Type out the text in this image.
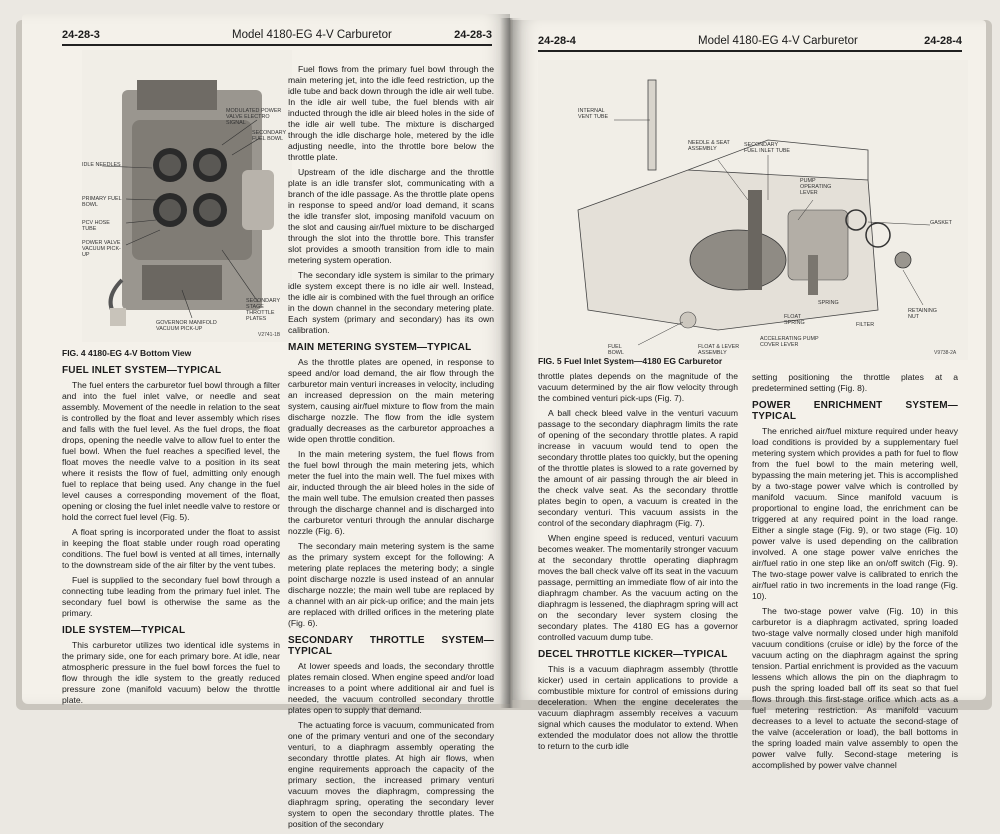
24-28-3	Model 4180-EG 4-V Carburetor	24-28-3
MODULATED POWER VALVE ELECTRO SIGNAL
SECONDARY FUEL BOWL
IDLE NEEDLES
PRIMARY FUEL BOWL
PCV HOSE TUBE
POWER VALVE VACUUM PICK-UP
SECONDARY STAGE THROTTLE PLATES
GOVERNOR MANIFOLD VACUUM PICK-UP
V2741-1B
FIG. 4 4180-EG 4-V Bottom View
FUEL INLET SYSTEM—TYPICAL

The fuel enters the carburetor fuel bowl through a filter and into the fuel inlet valve, or needle and seat assembly. Movement of the needle in relation to the seat is controlled by the float and lever assembly which rises and falls with the fuel level. As the fuel drops, the float drops, opening the needle valve to allow fuel to enter the fuel bowl. When the fuel reaches a specified level, the float moves the needle valve to a position in its seat where it resists the flow of fuel, admitting only enough fuel to replace that being used. Any change in the fuel level causes a corresponding movement of the float, opening or closing the fuel inlet needle valve to restore or hold the correct fuel level (Fig. 5).

A float spring is incorporated under the float to assist in keeping the float stable under rough road operating conditions. The fuel bowl is vented at all times, internally to the downstream side of the air filter by the vent tubes.

Fuel is supplied to the secondary fuel bowl through a connecting tube leading from the primary fuel inlet. The secondary fuel bowl is otherwise the same as the primary.

IDLE SYSTEM—TYPICAL

This carburetor utilizes two identical idle systems in the primary side, one for each primary bore. At idle, near atmospheric pressure in the fuel bowl forces the fuel to flow through the idle system to the greatly reduced pressure zone (manifold vacuum) below the throttle plate.

Fuel flows from the primary fuel bowl through the main metering jet, into the idle feed restriction, up the idle tube and back down through the idle air well tube. In the idle air well tube, the fuel blends with air inducted through the idle air bleed holes in the side of the idle air well tube. The mixture is discharged through the idle discharge hole, metered by the idle adjusting needle, into the throttle bore below the throttle plate.

Upstream of the idle discharge and the throttle plate is an idle transfer slot, communicating with a branch of the idle passage. As the throttle plate opens in response to speed and/or load demand, it scans the idle transfer slot, imposing manifold vacuum on the slot and causing air/fuel mixture to be discharged through the slot into the throttle bore. This transfer slot provides a smooth transition from idle to main metering system operation.

The secondary idle system is similar to the primary idle system except there is no idle air well. Instead, the idle air is combined with the fuel through an orifice in the down channel in the secondary metering plate. Each system (primary and secondary) has its own calibration.

MAIN METERING SYSTEM—TYPICAL

As the throttle plates are opened, in response to speed and/or load demand, the air flow through the carburetor main venturi increases in velocity, including an increased depression on the main metering system, causing air/fuel mixture to flow from the main discharge nozzle. The flow from the idle system gradually decreases as the carburetor approaches a wide open throttle condition.

In the main metering system, the fuel flows from the fuel bowl through the main metering jets, which meter the fuel into the main well. The fuel mixes with air, inducted through the air bleed holes in the side of the main well tube. The emulsion created then passes through the discharge channel and is discharged into the carburetor venturi through the annular discharge nozzle (Fig. 6).

The secondary main metering system is the same as the primary system except for the following: A metering plate replaces the metering body; a single point discharge nozzle is used instead of an annular discharge nozzle; the main well tube are replaced by a channel with an air pick-up orifice; and the main jets are replaced with drilled orifices in the metering plate (Fig. 6).

SECONDARY THROTTLE SYSTEM—TYPICAL

At lower speeds and loads, the secondary throttle plates remain closed. When engine speed and/or load increases to a point where additional air and fuel is needed, the vacuum controlled secondary throttle plates open to supply that demand.

The actuating force is vacuum, communicated from one of the primary venturi and one of the secondary venturi, to a diaphragm assembly operating the secondary throttle plates. At high air flows, when engine requirements approach the capacity of the primary section, the increased primary venturi vacuum moves the diaphragm, compressing the diaphragm spring, operating the secondary lever system to open the secondary throttle plates. The position of the secondary

24-28-4	Model 4180-EG 4-V Carburetor	24-28-4
INTERNAL VENT TUBE
NEEDLE & SEAT ASSEMBLY
SECONDARY FUEL INLET TUBE
PUMP OPERATING LEVER
GASKET
SPRING
FUEL BOWL
FLOAT SPRING	FILTER
RETAINING NUT
FLOAT & LEVER ASSEMBLY
ACCELERATING PUMP COVER LEVER
V9738-2A
FIG. 5 Fuel Inlet System—4180 EG Carburetor

throttle plates depends on the magnitude of the vacuum determined by the air flow velocity through the combined venturi pick-ups (Fig. 7).

A ball check bleed valve in the venturi vacuum passage to the secondary diaphragm limits the rate of opening of the secondary throttle plates. A rapid increase in vacuum would tend to open the secondary throttle plates too quickly, but the opening of the throttle plates is slowed to a rate governed by the amount of air passing through the air bleed in the check valve seat. As the secondary throttle plates begin to open, a vacuum is created in the secondary venturi. This vacuum assists in the control of the secondary diaphragm (Fig. 7).

When engine speed is reduced, venturi vacuum becomes weaker. The momentarily stronger vacuum at the secondary throttle operating diaphragm moves the ball check valve off its seat in the vacuum passage, permitting an immediate flow of air into the diaphragm chamber. As the vacuum acting on the diaphragm is lessened, the diaphragm spring will act on the secondary lever system closing the secondary plates. The 4180 EG has a governor controlled vacuum dump tube.

DECEL THROTTLE KICKER—TYPICAL

This is a vacuum diaphragm assembly (throttle kicker) used in certain applications to provide a combustible mixture for control of emissions during deceleration. When the engine decelerates the vacuum diaphragm assembly receives a vacuum signal which causes the modulator to extend. When extended the modulator does not allow the throttle to return to the curb idle

setting positioning the throttle plates at a predetermined setting (Fig. 8).

POWER ENRICHMENT SYSTEM—TYPICAL

The enriched air/fuel mixture required under heavy load conditions is provided by a supplementary fuel metering system which provides a path for fuel to flow from the fuel bowl to the main metering well, bypassing the main metering jet. This is accomplished by a two-stage power valve which is controlled by manifold vacuum. Since manifold vacuum is proportional to engine load, the enrichment can be triggered at any required point in the load range. Either a single stage (Fig. 9), or two stage (Fig. 10) power valve is used depending on the calibration involved. A one stage power valve enriches the air/fuel ratio in one step like an on/off switch (Fig. 9). The two-stage power valve is calibrated to enrich the air/fuel ratio in two increments in the load range (Fig. 10).

The two-stage power valve (Fig. 10) in this carburetor is a diaphragm activated, spring loaded two-stage valve normally closed under high manifold vacuum conditions (cruise or idle) by the force of the vacuum acting on the diaphragm against the spring tension. Partial enrichment is provided as the vacuum lessens which allows the pin on the diaphragm to push the spring loaded ball off its seat so that fuel flows through this first-stage orifice which acts as a fuel metering restriction. As manifold vacuum decreases to a level to actuate the second-stage of the valve (acceleration or load), the ball bottoms in the spring loaded main valve assembly to open the power valve fully. Second-stage metering is accomplished by power valve channel
